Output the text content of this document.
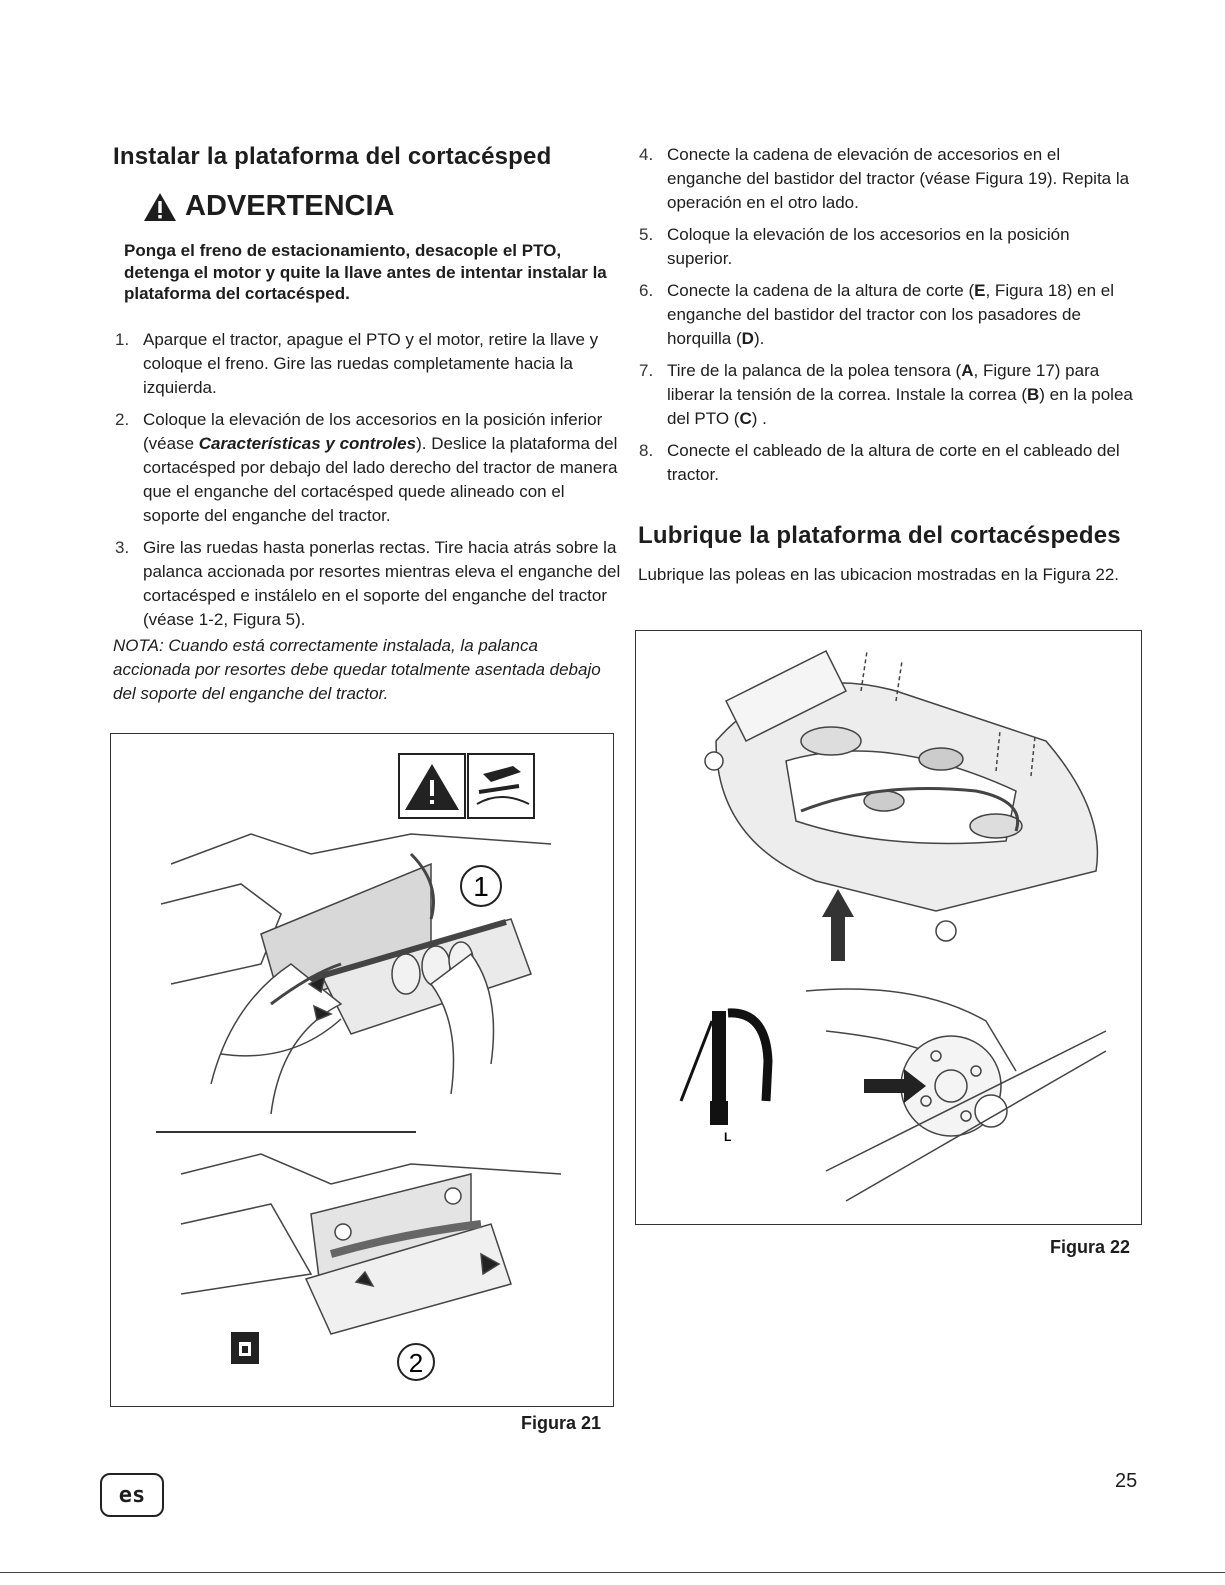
Instalar la plataforma del cortacésped
ADVERTENCIA
Ponga el freno de estacionamiento, desacople el PTO, detenga el motor y quite la llave antes de intentar instalar la plataforma del cortacésped.
1. Aparque el tractor, apague el PTO y el motor, retire la llave y coloque el freno. Gire las ruedas completamente hacia la izquierda.
2. Coloque la elevación de los accesorios en la posición inferior (véase Características y controles). Deslice la plataforma del cortacésped por debajo del lado derecho del tractor de manera que el enganche del cortacésped quede alineado con el soporte del enganche del tractor.
3. Gire las ruedas hasta ponerlas rectas. Tire hacia atrás sobre la palanca accionada por resortes mientras eleva el enganche del cortacésped e instálelo en el soporte del enganche del tractor (véase 1-2, Figura 5).
NOTA: Cuando está correctamente instalada, la palanca accionada por resortes debe quedar totalmente asentada debajo del soporte del enganche del tractor.
1
2
Figura 21
4. Conecte la cadena de elevación de accesorios en el enganche del bastidor del tractor (véase Figura 19). Repita la operación en el otro lado.
5. Coloque la elevación de los accesorios en la posición superior.
6. Conecte la cadena de la altura de corte (E, Figura 18) en el enganche del bastidor del tractor con los pasadores de horquilla (D).
7. Tire de la palanca de la polea tensora (A, Figure 17) para liberar la tensión de la correa. Instale la correa (B) en la polea del PTO (C) .
8. Conecte el cableado de la altura de corte en el cableado del tractor.
Lubrique la plataforma del cortacéspedes
Lubrique las poleas en las ubicacion mostradas en la Figura 22.
L
Figura 22
es
25
